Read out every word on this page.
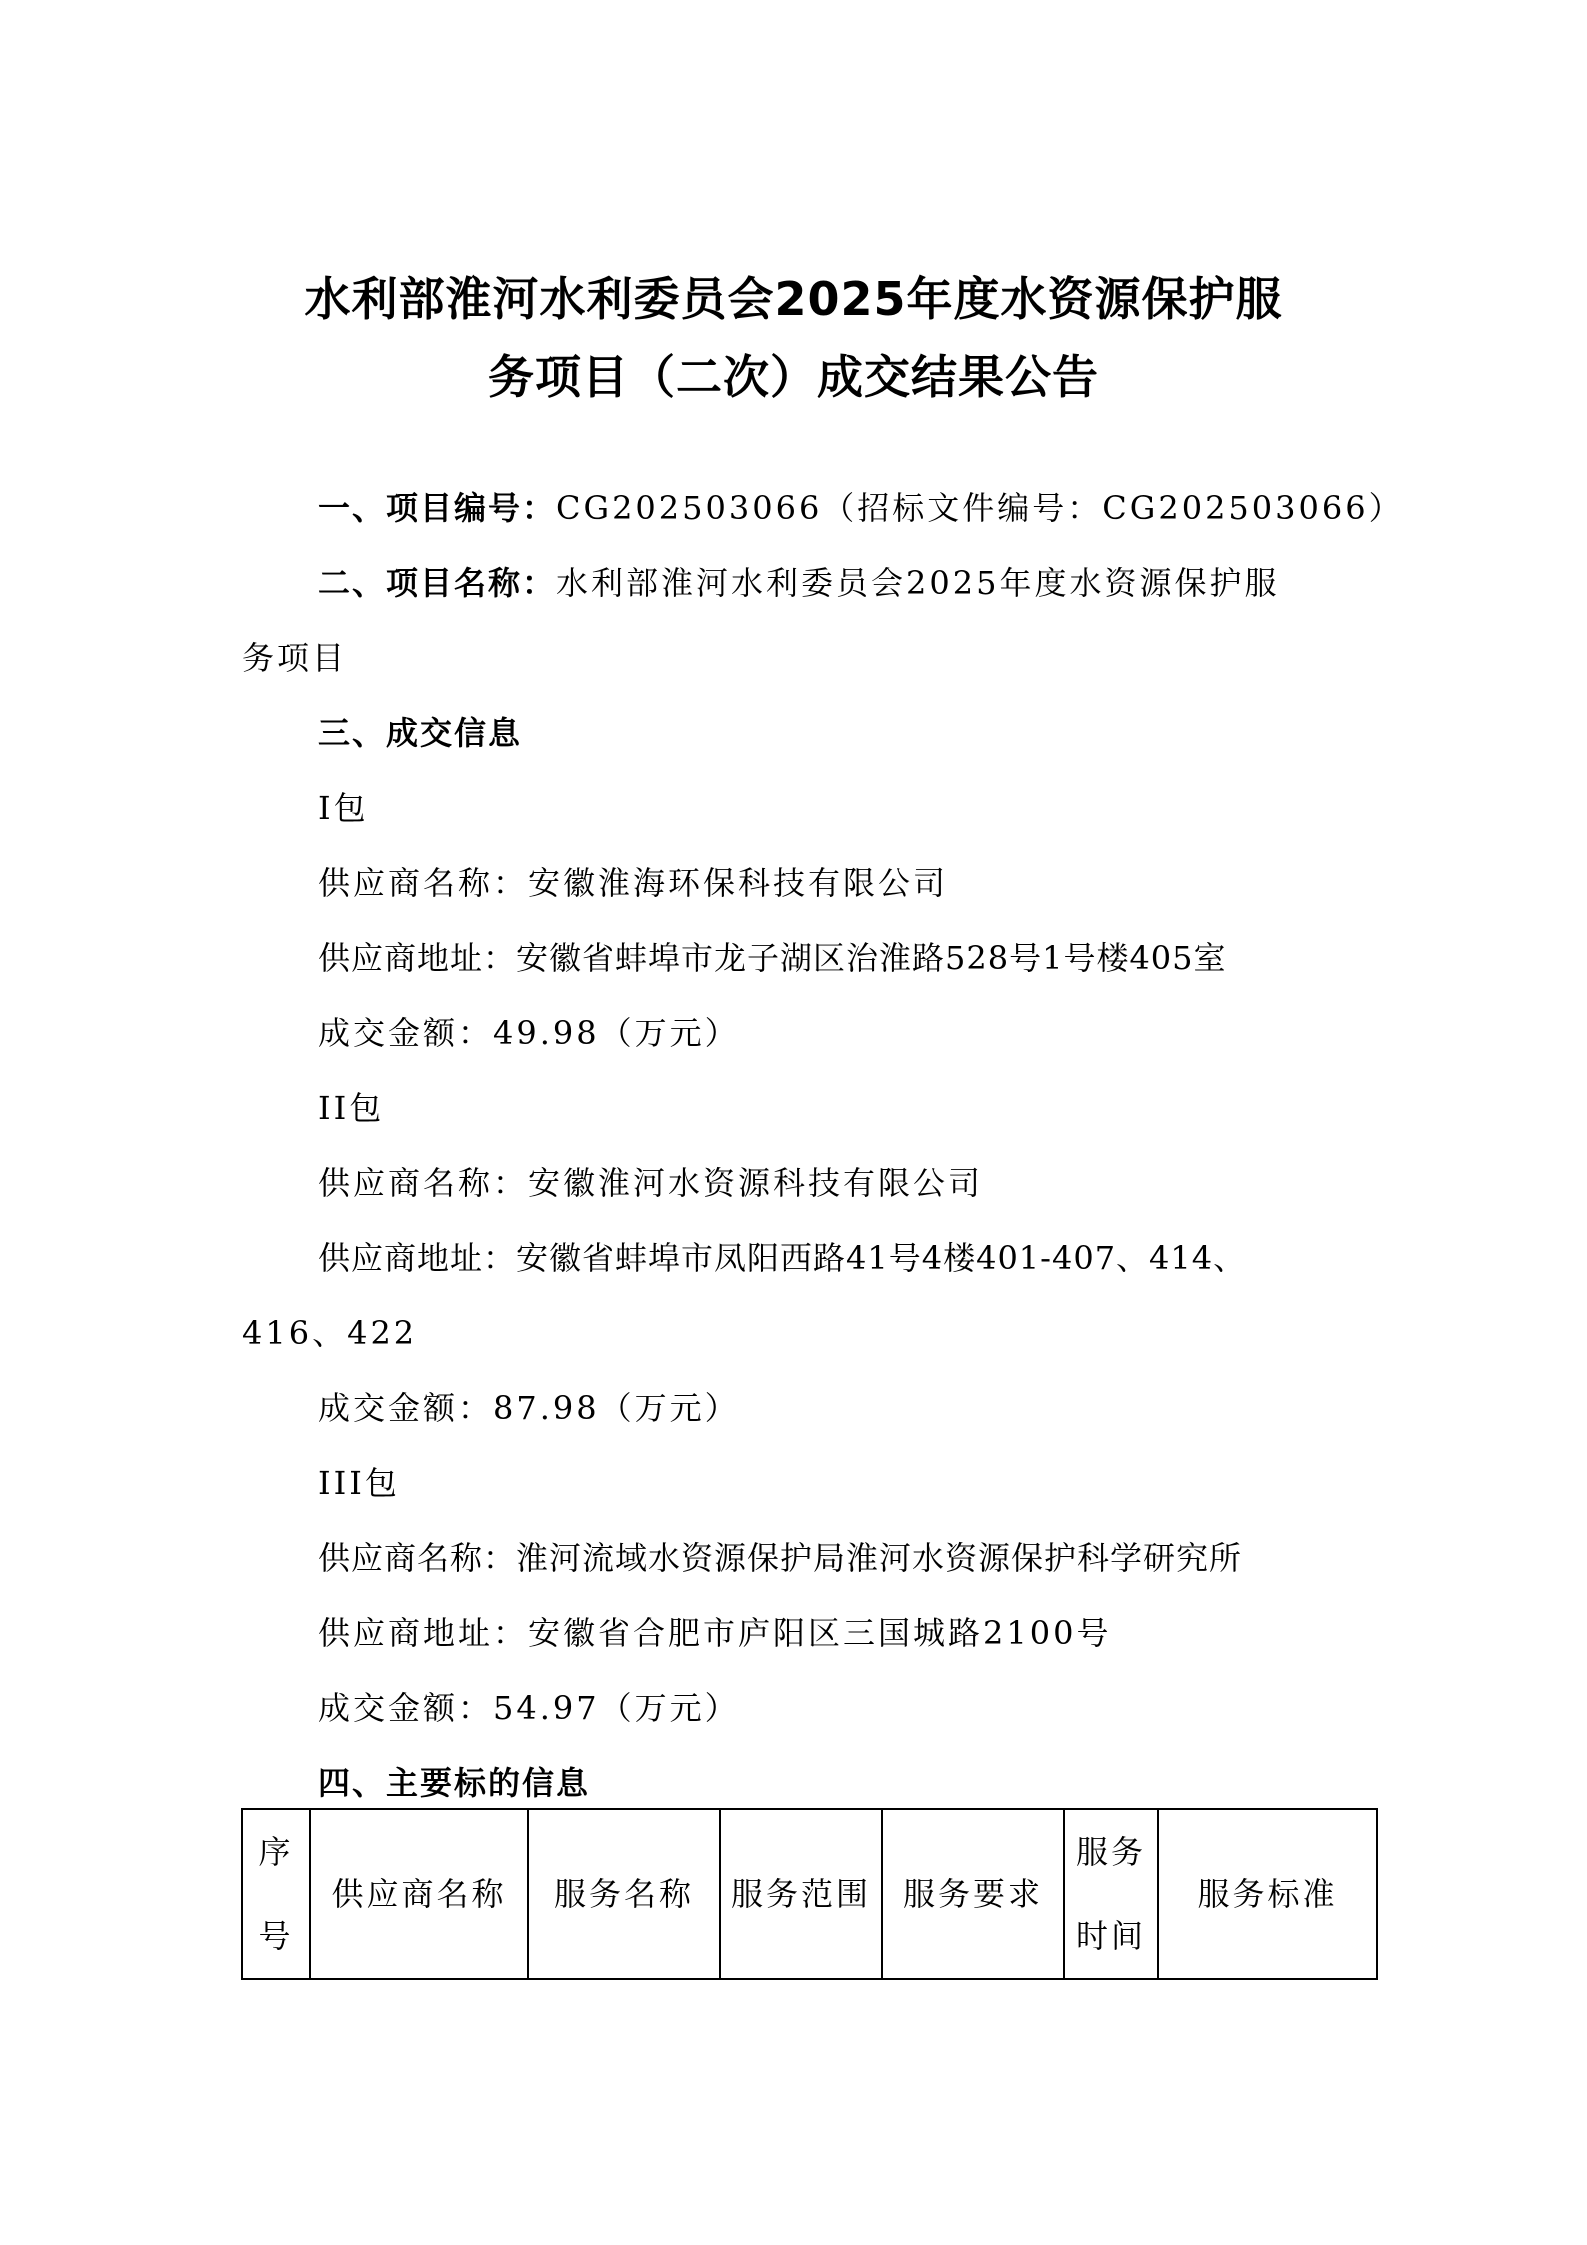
水利部淮河水利委员会2025年度水资源保护服
务项目（二次）成交结果公告
一、项目编号：CG202503066（招标文件编号：CG202503066）
二、项目名称：水利部淮河水利委员会2025年度水资源保护服
务项目
三、成交信息
I包
供应商名称：安徽淮海环保科技有限公司
供应商地址：安徽省蚌埠市龙子湖区治淮路528号1号楼405室
成交金额：49.98（万元）
II包
供应商名称：安徽淮河水资源科技有限公司
供应商地址：安徽省蚌埠市凤阳西路41号4楼401-407、414、
416、422
成交金额：87.98（万元）
III包
供应商名称：淮河流域水资源保护局淮河水资源保护科学研究所
供应商地址：安徽省合肥市庐阳区三国城路2100号
成交金额：54.97（万元）
四、主要标的信息
序
号	供应商名称	服务名称	服务范围	服务要求	服务
时间	服务标准
